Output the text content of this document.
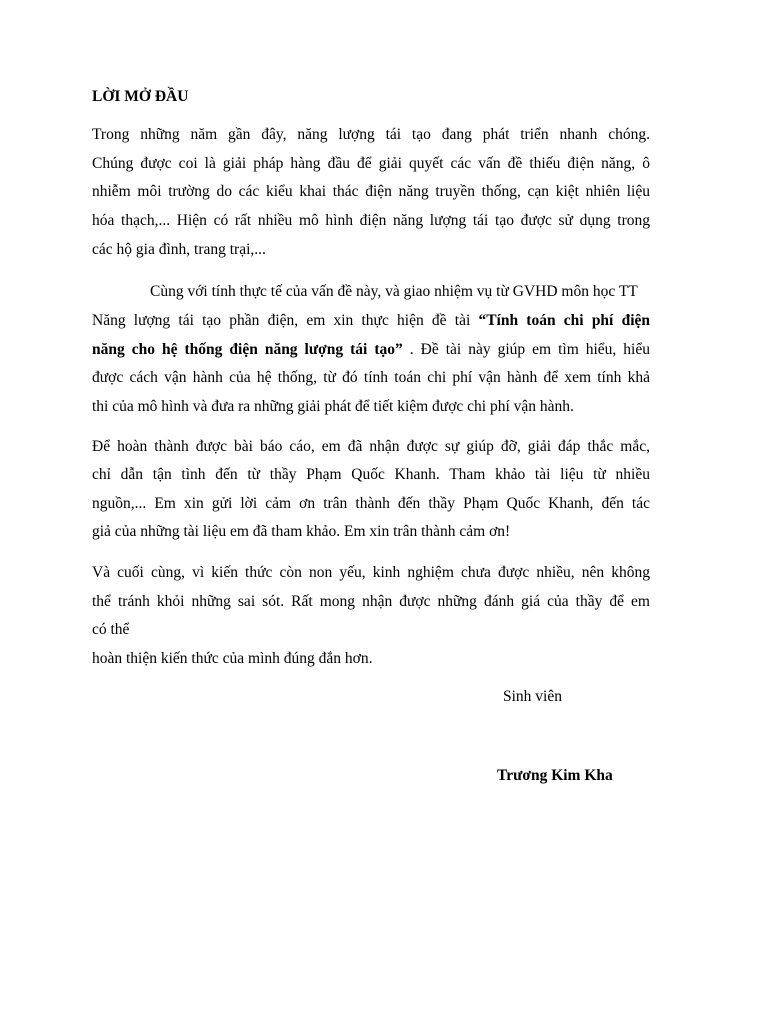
LỜI MỞ ĐẦU
Trong những năm gần đây, năng lượng tái tạo đang phát triển nhanh chóng.
Chúng được coi là giải pháp hàng đầu để giải quyết các vấn đề thiếu điện năng, ô
nhiễm môi trường do các kiểu khai thác điện năng truyền thống, cạn kiệt nhiên liệu
hóa thạch,... Hiện có rất nhiều mô hình điện năng lượng tái tạo được sử dụng trong
các hộ gia đình, trang trại,...
Cùng với tính thực tế của vấn đề này, và giao nhiệm vụ từ GVHD môn học TT
Năng lượng tái tạo phần điện, em xin thực hiện đề tài “Tính toán chi phí điện
năng cho hệ thống điện năng lượng tái tạo” . Đề tài này giúp em tìm hiểu, hiểu
được cách vận hành của hệ thống, từ đó tính toán chi phí vận hành để xem tính khả
thi của mô hình và đưa ra những giải phát để tiết kiệm được chi phí vận hành.
Để hoàn thành được bài báo cáo, em đã nhận được sự giúp đỡ, giải đáp thắc mắc,
chỉ dẫn tận tình đến từ thầy Phạm Quốc Khanh. Tham khảo tài liệu từ nhiều
nguồn,... Em xin gửi lời cảm ơn trân thành đến thầy Phạm Quốc Khanh, đến tác
giả của những tài liệu em đã tham khảo. Em xin trân thành cảm ơn!
Và cuối cùng, vì kiến thức còn non yếu, kinh nghiệm chưa được nhiều, nên không
thể tránh khỏi những sai sót. Rất mong nhận được những đánh giá của thầy để em
có thể
hoàn thiện kiến thức của mình đúng đắn hơn.
Sinh viên
Trương Kim Kha
